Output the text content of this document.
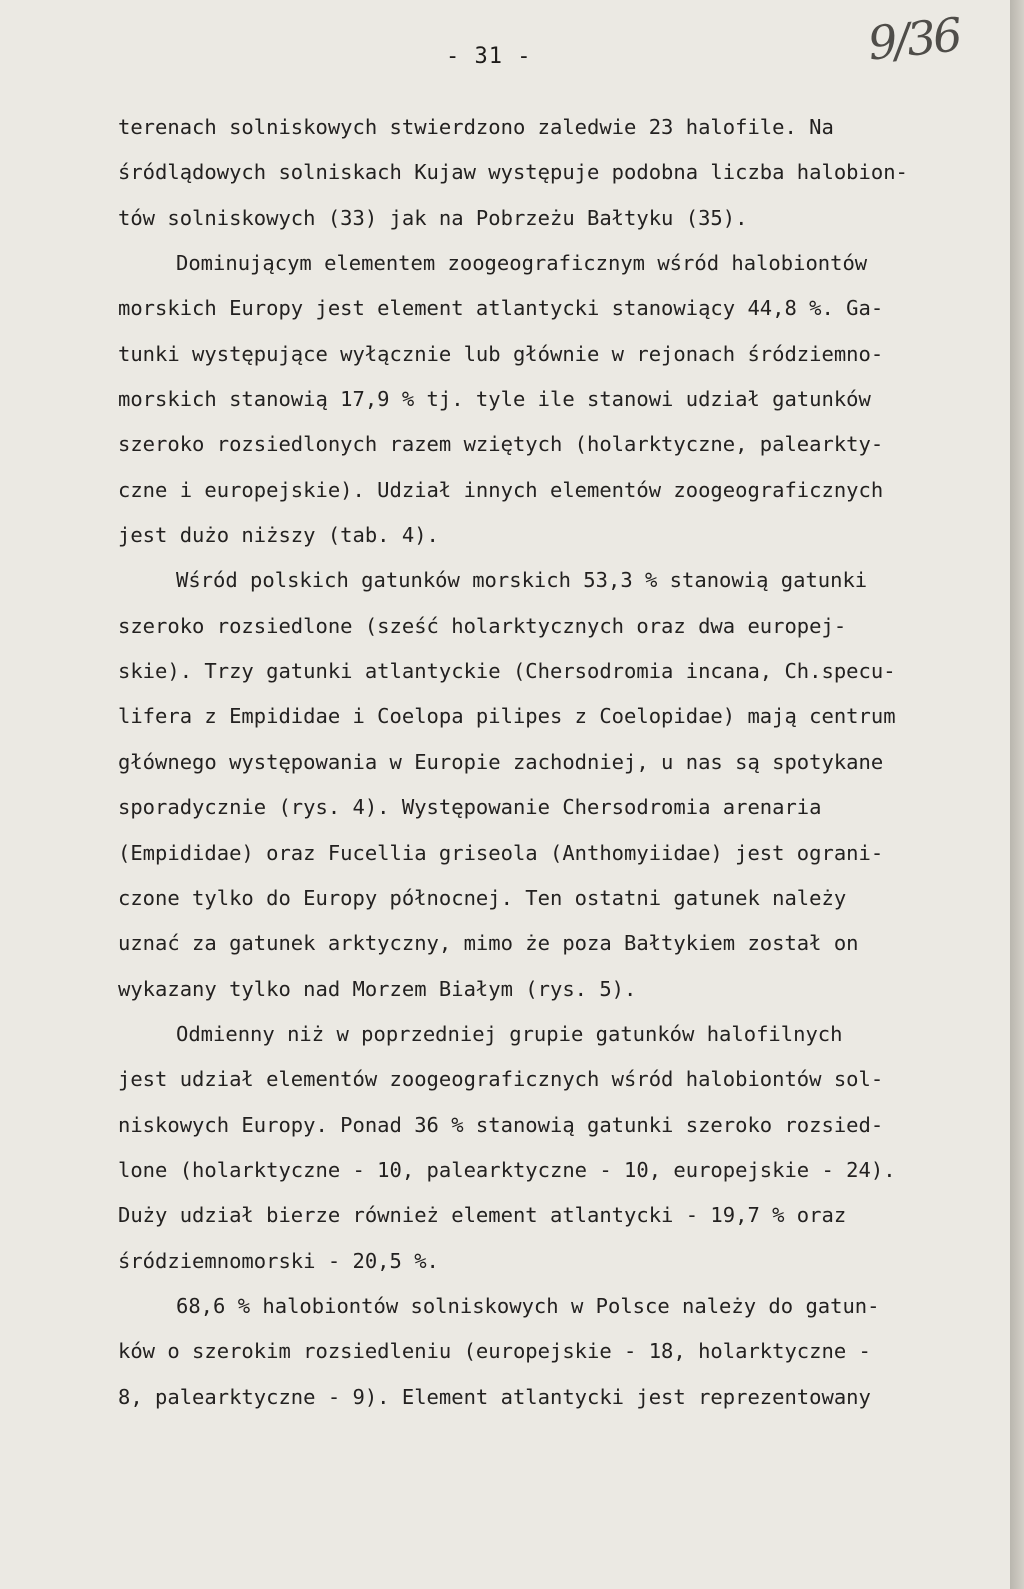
- 31 -	9/36
terenach solniskowych stwierdzono zaledwie 23 halofile. Na
śródlądowych solniskach Kujaw występuje podobna liczba halobion-
tów solniskowych (33) jak na Pobrzeżu Bałtyku (35).
Dominującym elementem zoogeograficznym wśród halobiontów
morskich Europy jest element atlantycki stanowiący 44,8 %. Ga-
tunki występujące wyłącznie lub głównie w rejonach śródziemno-
morskich stanowią 17,9 % tj. tyle ile stanowi udział gatunków
szeroko rozsiedlonych razem wziętych (holarktyczne, palearkty-
czne i europejskie). Udział innych elementów zoogeograficznych
jest dużo niższy (tab. 4).
Wśród polskich gatunków morskich 53,3 % stanowią gatunki
szeroko rozsiedlone (sześć holarktycznych oraz dwa europej-
skie). Trzy gatunki atlantyckie (Chersodromia incana, Ch.specu-
lifera z Empididae i Coelopa pilipes z Coelopidae) mają centrum
głównego występowania w Europie zachodniej, u nas są spotykane
sporadycznie (rys. 4). Występowanie Chersodromia arenaria
(Empididae) oraz Fucellia griseola (Anthomyiidae) jest ograni-
czone tylko do Europy północnej. Ten ostatni gatunek należy
uznać za gatunek arktyczny, mimo że poza Bałtykiem został on
wykazany tylko nad Morzem Białym (rys. 5).
Odmienny niż w poprzedniej grupie gatunków halofilnych
jest udział elementów zoogeograficznych wśród halobiontów sol-
niskowych Europy. Ponad 36 % stanowią gatunki szeroko rozsied-
lone (holarktyczne - 10, palearktyczne - 10, europejskie - 24).
Duży udział bierze również element atlantycki - 19,7 % oraz
śródziemnomorski - 20,5 %.
68,6 % halobiontów solniskowych w Polsce należy do gatun-
ków o szerokim rozsiedleniu (europejskie - 18, holarktyczne -
8, palearktyczne - 9). Element atlantycki jest reprezentowany
